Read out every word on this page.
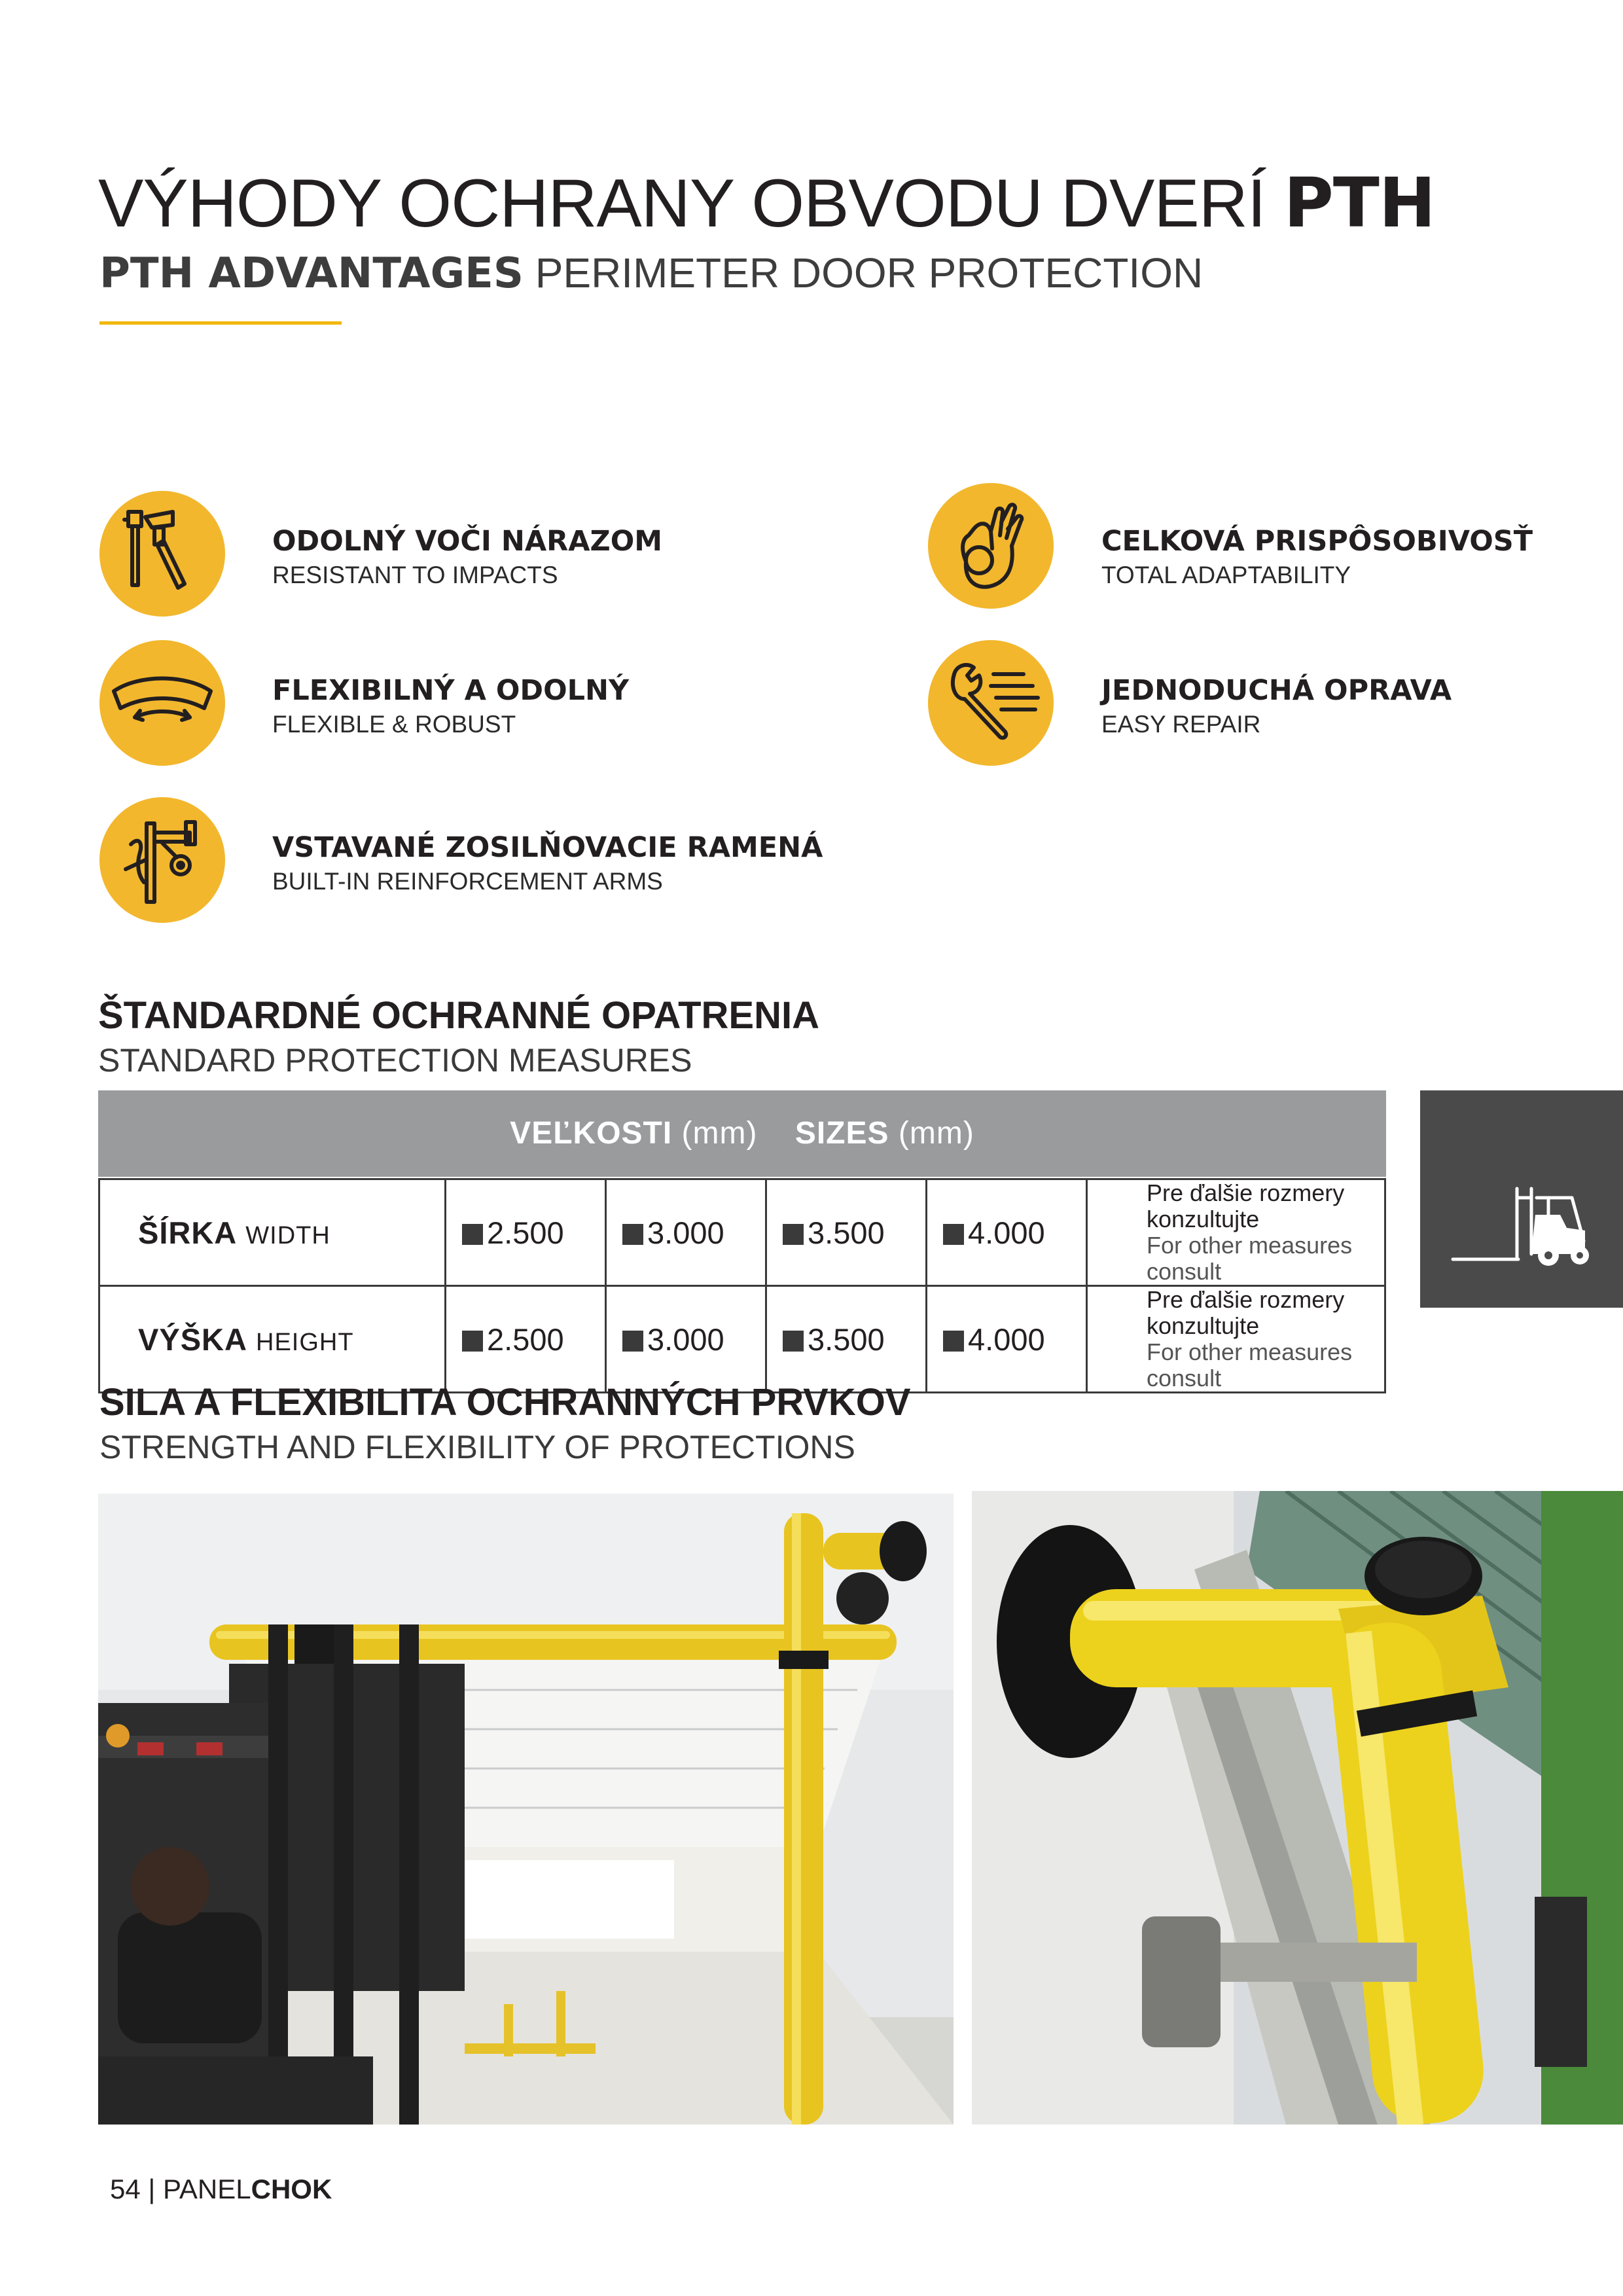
VÝHODY OCHRANY OBVODU DVERÍ PTH
PTH ADVANTAGES PERIMETER DOOR PROTECTION
ODOLNÝ VOČI NÁRAZOM
RESISTANT TO IMPACTS
CELKOVÁ PRISPÔSOBIVOSŤ
TOTAL ADAPTABILITY
FLEXIBILNÝ A ODOLNÝ
FLEXIBLE & ROBUST
JEDNODUCHÁ OPRAVA
EASY REPAIR
VSTAVANÉ ZOSILŇOVACIE RAMENÁ
BUILT-IN REINFORCEMENT ARMS
ŠTANDARDNÉ OCHRANNÉ OPATRENIA
STANDARD PROTECTION MEASURES
VEĽKOSTI (mm) SIZES (mm)
ŠÍRKA WIDTH	2.500	3.000	3.500	4.000	Pre ďalšie rozmery konzultujte
For other measures consult

VÝŠKA HEIGHT	2.500	3.000	3.500	4.000	Pre ďalšie rozmery konzultujte
For other measures consult
SILA A FLEXIBILITA OCHRANNÝCH PRVKOV
STRENGTH AND FLEXIBILITY OF PROTECTIONS
54 | PANELCHOK
